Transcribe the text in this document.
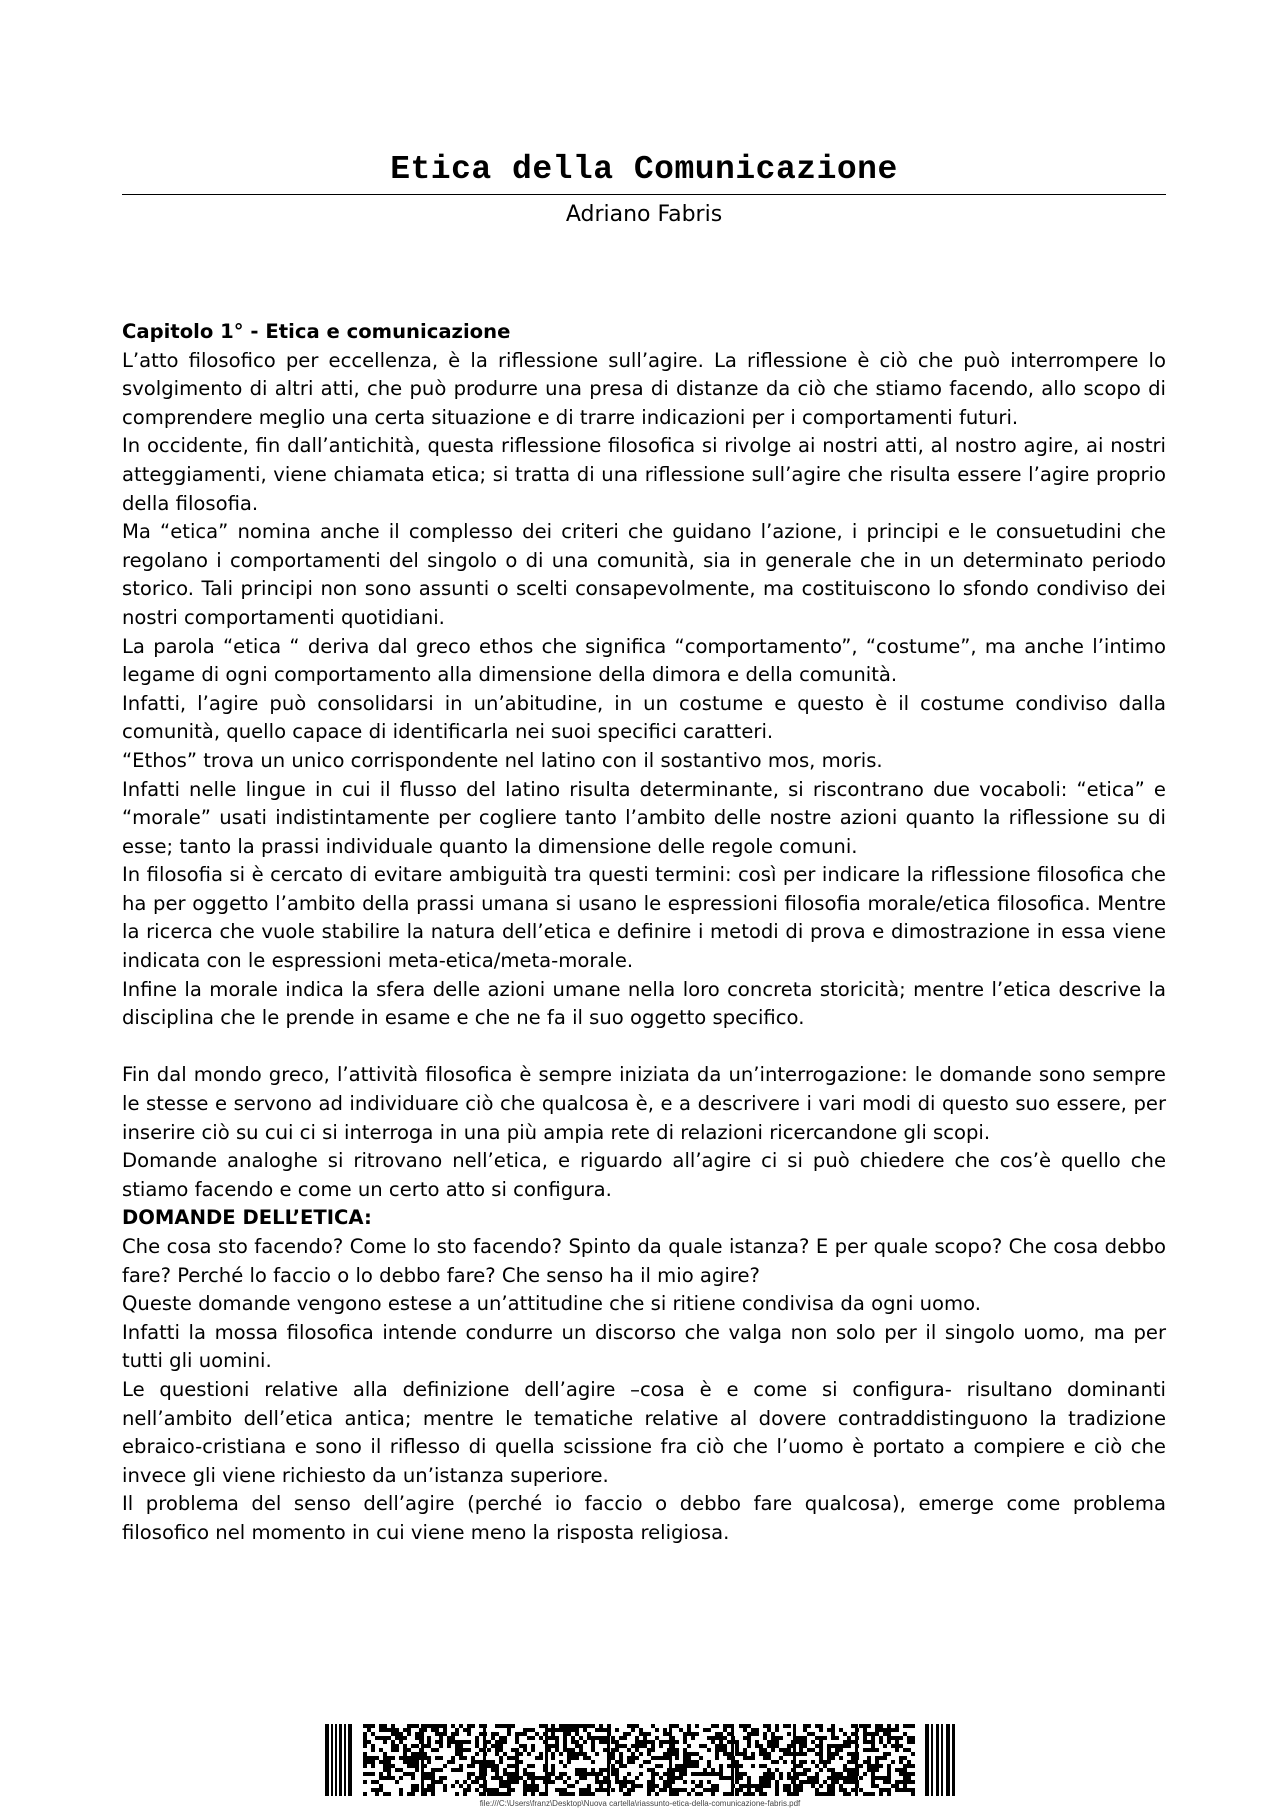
Etica della Comunicazione
Adriano Fabris

Capitolo 1° - Etica e comunicazione

L’atto filosofico per eccellenza, è la riflessione sull’agire. La riflessione è ciò che può interrompere lo svolgimento di altri atti, che può produrre una presa di distanze da ciò che stiamo facendo, allo scopo di comprendere meglio una certa situazione e di trarre indicazioni per i comportamenti futuri.

In occidente, fin dall’antichità, questa riflessione filosofica si rivolge ai nostri atti, al nostro agire, ai nostri atteggiamenti, viene chiamata etica; si tratta di una riflessione sull’agire che risulta essere l’agire proprio della filosofia.

Ma “etica” nomina anche il complesso dei criteri che guidano l’azione, i principi e le consuetudini che regolano i comportamenti del singolo o di una comunità, sia in generale che in un determinato periodo storico. Tali principi non sono assunti o scelti consapevolmente, ma costituiscono lo sfondo condiviso dei nostri comportamenti quotidiani.

La parola “etica “ deriva dal greco ethos che significa “comportamento”, “costume”, ma anche l’intimo legame di ogni comportamento alla dimensione della dimora e della comunità.

Infatti, l’agire può consolidarsi in un’abitudine, in un costume e questo è il costume condiviso dalla comunità, quello capace di identificarla nei suoi specifici caratteri.

“Ethos” trova un unico corrispondente nel latino con il sostantivo mos, moris.

Infatti nelle lingue in cui il flusso del latino risulta determinante, si riscontrano due vocaboli: “etica” e “morale” usati indistintamente per cogliere tanto l’ambito delle nostre azioni quanto la riflessione su di esse; tanto la prassi individuale quanto la dimensione delle regole comuni.

In filosofia si è cercato di evitare ambiguità tra questi termini: così per indicare la riflessione filosofica che ha per oggetto l’ambito della prassi umana si usano le espressioni filosofia morale/etica filosofica. Mentre la ricerca che vuole stabilire la natura dell’etica e definire i metodi di prova e dimostrazione in essa viene indicata con le espressioni meta-etica/meta-morale.

Infine la morale indica la sfera delle azioni umane nella loro concreta storicità; mentre l’etica descrive la disciplina che le prende in esame e che ne fa il suo oggetto specifico.

Fin dal mondo greco, l’attività filosofica è sempre iniziata da un’interrogazione: le domande sono sempre le stesse e servono ad individuare ciò che qualcosa è, e a descrivere i vari modi di questo suo essere, per inserire ciò su cui ci si interroga in una più ampia rete di relazioni ricercandone gli scopi.

Domande analoghe si ritrovano nell’etica, e riguardo all’agire ci si può chiedere che cos’è quello che stiamo facendo e come un certo atto si configura.

DOMANDE DELL’ETICA:

Che cosa sto facendo? Come lo sto facendo? Spinto da quale istanza? E per quale scopo? Che cosa debbo fare? Perché lo faccio o lo debbo fare? Che senso ha il mio agire?

Queste domande vengono estese a un’attitudine che si ritiene condivisa da ogni uomo.

Infatti la mossa filosofica intende condurre un discorso che valga non solo per il singolo uomo, ma per tutti gli uomini.

Le questioni relative alla definizione dell’agire –cosa è e come si configura- risultano dominanti nell’ambito dell’etica antica; mentre le tematiche relative al dovere contraddistinguono la tradizione ebraico-cristiana e sono il riflesso di quella scissione fra ciò che l’uomo è portato a compiere e ciò che invece gli viene richiesto da un’istanza superiore.

Il problema del senso dell’agire (perché io faccio o debbo fare qualcosa), emerge come problema filosofico nel momento in cui viene meno la risposta religiosa.

file:///C:\Users\franz\Desktop\Nuova cartella\riassunto-etica-della-comunicazione-fabris.pdf
